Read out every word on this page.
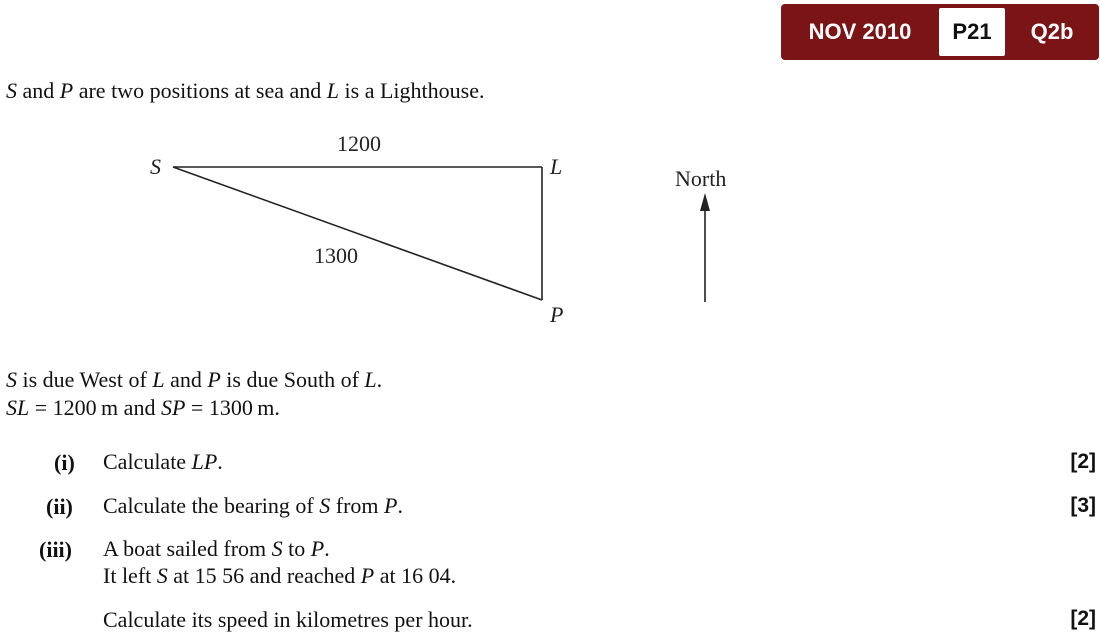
NOV 2010	P21	Q2b
S and P are two positions at sea and L is a Lighthouse.
S	L
P
1200
1300
North
S is due West of L and P is due South of L.
SL = 1200 m and SP = 1300 m.
(i) Calculate LP.	[2]
(ii) Calculate the bearing of S from P.	[3]
(iii) A boat sailed from S to P.
It left S at 15 56 and reached P at 16 04.
Calculate its speed in kilometres per hour.	[2]
